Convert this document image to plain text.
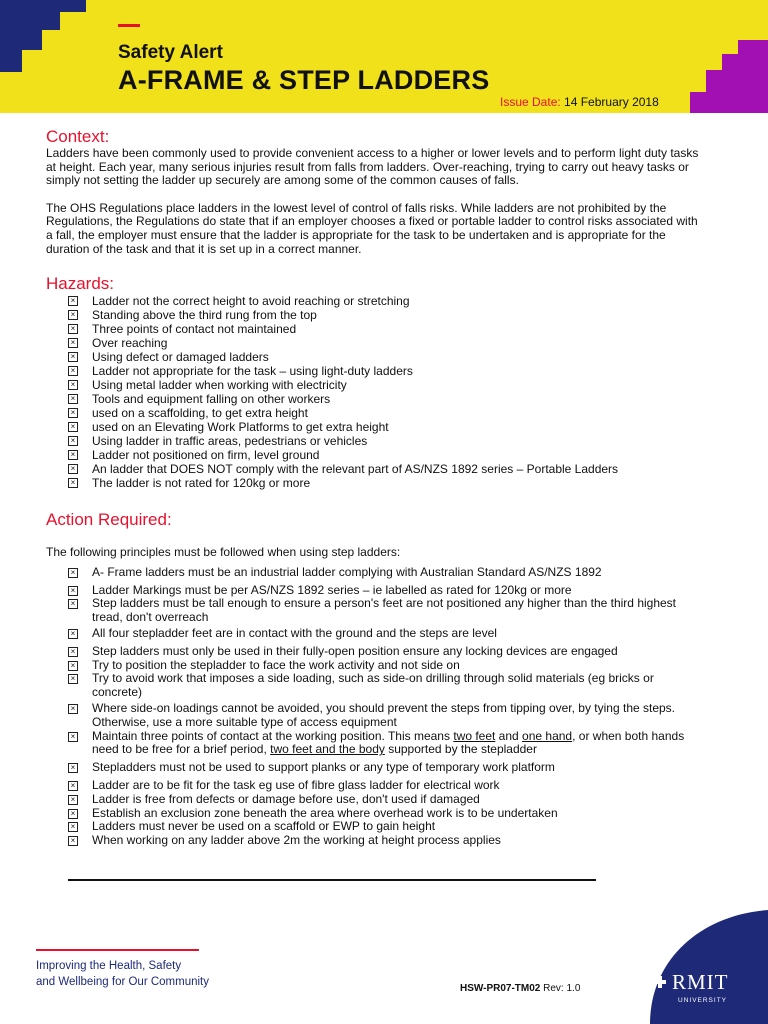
Safety Alert
A-FRAME & STEP LADDERS
Issue Date: 14 February 2018
Context:

Ladders have been commonly used to provide convenient access to a higher or lower levels and to perform light duty tasks at height. Each year, many serious injuries result from falls from ladders. Over-reaching, trying to carry out heavy tasks or simply not setting the ladder up securely are among some of the common causes of falls.

The OHS Regulations place ladders in the lowest level of control of falls risks. While ladders are not prohibited by the Regulations, the Regulations do state that if an employer chooses a fixed or portable ladder to control risks associated with a fall, the employer must ensure that the ladder is appropriate for the task to be undertaken and is appropriate for the duration of the task and that it is set up in a correct manner.

Hazards:
× Ladder not the correct height to avoid reaching or stretching
× Standing above the third rung from the top
× Three points of contact not maintained
× Over reaching
× Using defect or damaged ladders
× Ladder not appropriate for the task – using light-duty ladders
× Using metal ladder when working with electricity
× Tools and equipment falling on other workers
× used on a scaffolding, to get extra height
× used on an Elevating Work Platforms to get extra height
× Using ladder in traffic areas, pedestrians or vehicles
× Ladder not positioned on firm, level ground
× An ladder that DOES NOT comply with the relevant part of AS/NZS 1892 series – Portable Ladders
× The ladder is not rated for 120kg or more
Action Required:

The following principles must be followed when using step ladders:

× A- Frame ladders must be an industrial ladder complying with Australian Standard AS/NZS 1892
× Ladder Markings must be per AS/NZS 1892 series – ie labelled as rated for 120kg or more
× Step ladders must be tall enough to ensure a person's feet are not positioned any higher than the third highest tread, don't overreach
× All four stepladder feet are in contact with the ground and the steps are level
× Step ladders must only be used in their fully-open position ensure any locking devices are engaged
× Try to position the stepladder to face the work activity and not side on
× Try to avoid work that imposes a side loading, such as side-on drilling through solid materials (eg bricks or concrete)
× Where side-on loadings cannot be avoided, you should prevent the steps from tipping over, by tying the steps. Otherwise, use a more suitable type of access equipment
× Maintain three points of contact at the working position. This means two feet and one hand, or when both hands need to be free for a brief period, two feet and the body supported by the stepladder
× Stepladders must not be used to support planks or any type of temporary work platform
× Ladder are to be fit for the task eg use of fibre glass ladder for electrical work
× Ladder is free from defects or damage before use, don't used if damaged
× Establish an exclusion zone beneath the area where overhead work is to be undertaken
× Ladders must never be used on a scaffold or EWP to gain height
× When working on any ladder above 2m the working at height process applies
Improving the Health, Safety
and Wellbeing for Our Community
HSW-PR07-TM02 Rev: 1.0	RMIT
UNIVERSITY
